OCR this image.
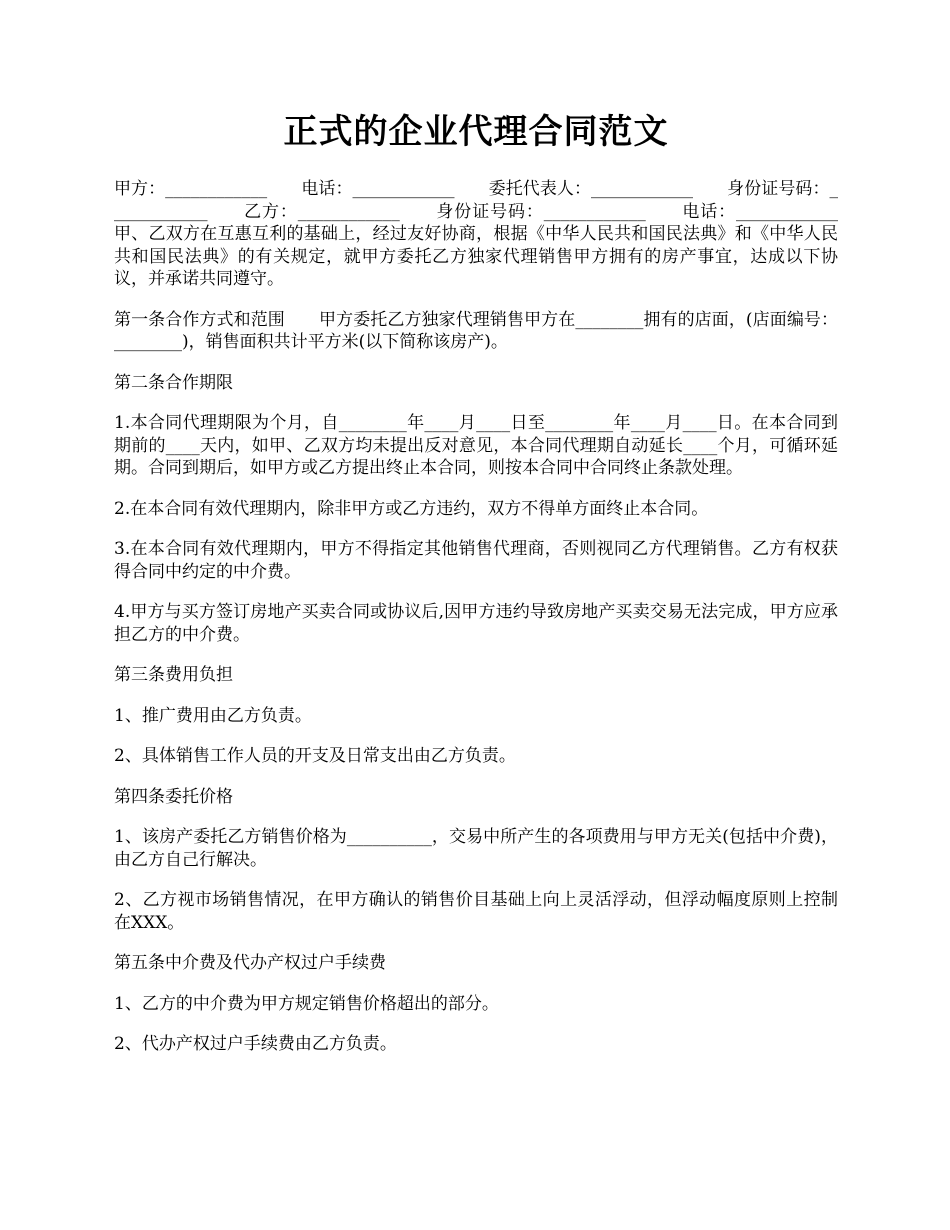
正式的企业代理合同范文

甲方：____________　　电话：____________　　委托代表人：____________　　身份证号码：____________　　乙方：____________　　身份证号码：____________　　电话：____________　　甲、乙双方在互惠互利的基础上，经过友好协商，根据《中华人民共和国民法典》和《中华人民共和国民法典》的有关规定，就甲方委托乙方独家代理销售甲方拥有的房产事宜，达成以下协议，并承诺共同遵守。

第一条合作方式和范围　　甲方委托乙方独家代理销售甲方在________拥有的店面，(店面编号：________)，销售面积共计平方米(以下简称该房产)。

第二条合作期限

1.本合同代理期限为个月，自________年____月____日至________年____月____日。在本合同到期前的____天内，如甲、乙双方均未提出反对意见，本合同代理期自动延长____个月，可循环延期。合同到期后，如甲方或乙方提出终止本合同，则按本合同中合同终止条款处理。

2.在本合同有效代理期内，除非甲方或乙方违约，双方不得单方面终止本合同。

3.在本合同有效代理期内，甲方不得指定其他销售代理商，否则视同乙方代理销售。乙方有权获得合同中约定的中介费。

4.甲方与买方签订房地产买卖合同或协议后,因甲方违约导致房地产买卖交易无法完成，甲方应承担乙方的中介费。

第三条费用负担

1、推广费用由乙方负责。

2、具体销售工作人员的开支及日常支出由乙方负责。

第四条委托价格

1、该房产委托乙方销售价格为__________，交易中所产生的各项费用与甲方无关(包括中介费)，由乙方自己行解决。

2、乙方视市场销售情况，在甲方确认的销售价目基础上向上灵活浮动，但浮动幅度原则上控制在XXX。

第五条中介费及代办产权过户手续费

1、乙方的中介费为甲方规定销售价格超出的部分。

2、代办产权过户手续费由乙方负责。
